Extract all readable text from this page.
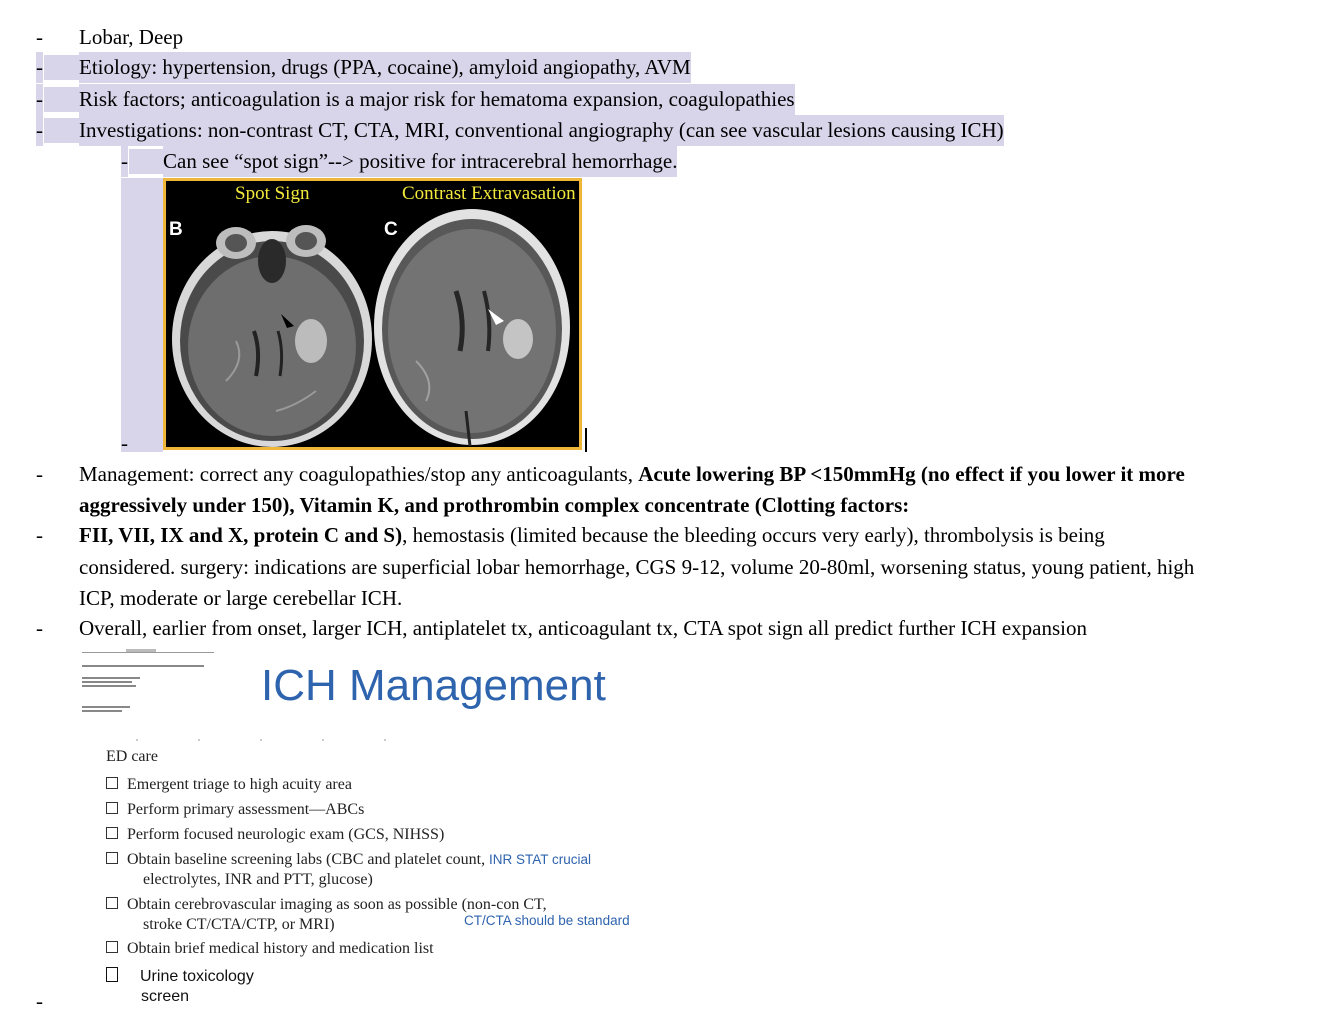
- Lobar, Deep
- Etiology: hypertension, drugs (PPA, cocaine), amyloid angiopathy, AVM
- Risk factors; anticoagulation is a major risk for hematoma expansion, coagulopathies
- Investigations: non-contrast CT, CTA, MRI, conventional angiography (can see vascular lesions causing ICH)
- Can see “spot sign”--> positive for intracerebral hemorrhage.
-
Spot Sign	Contrast Extravasation
B	C
- Management: correct any coagulopathies/stop any anticoagulants, Acute lowering BP <150mmHg (no effect if you lower it more
aggressively under 150), Vitamin K, and prothrombin complex concentrate (Clotting factors:
- FII, VII, IX and X, protein C and S), hemostasis (limited because the bleeding occurs very early), thrombolysis is being
considered. surgery: indications are superficial lobar hemorrhage, CGS 9-12, volume 20-80ml, worsening status, young patient, high
ICP, moderate or large cerebellar ICH.
- Overall, earlier from onset, larger ICH, antiplatelet tx, anticoagulant tx, CTA spot sign all predict further ICH expansion
ICH Management
ED care
Emergent triage to high acuity area
Perform primary assessment—ABCs
Perform focused neurologic exam (GCS, NIHSS)
Obtain baseline screening labs (CBC and platelet count,
electrolytes, INR and PTT, glucose)
Obtain cerebrovascular imaging as soon as possible (non-con CT,
stroke CT/CTA/CTP, or MRI)
Obtain brief medical history and medication list
INR STAT crucial
CT/CTA should be standard
Urine toxicology
screen
-
